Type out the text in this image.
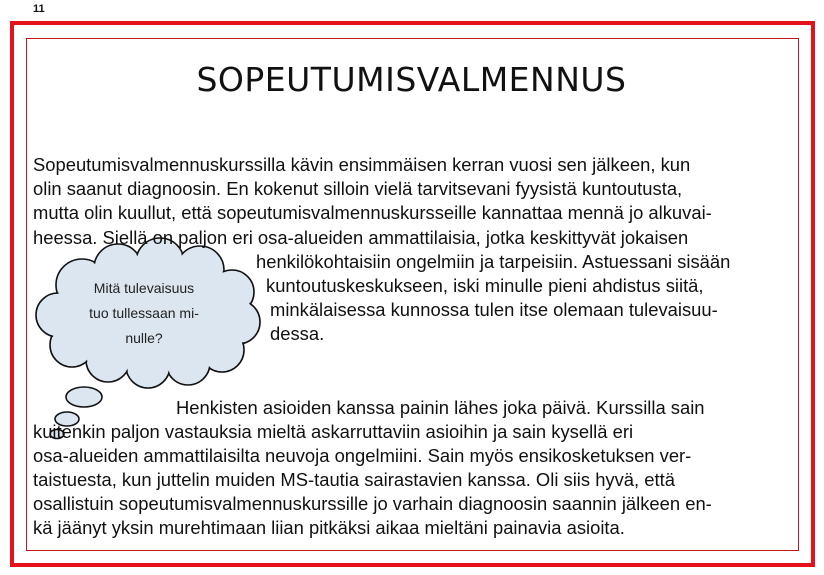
11
SOPEUTUMISVALMENNUS
Mitä tulevaisuus
tuo tullessaan mi-
nulle?
Sopeutumisvalmennuskurssilla kävin ensimmäisen kerran vuosi sen jälkeen, kun
olin saanut diagnoosin. En kokenut silloin vielä tarvitsevani fyysistä kuntoutusta,
mutta olin kuullut, että sopeutumisvalmennuskursseille kannattaa mennä jo alkuvai-
heessa. Siellä on paljon eri osa-alueiden ammattilaisia, jotka keskittyvät jokaisen
henkilökohtaisiin ongelmiin ja tarpeisiin. Astuessani sisään
kuntoutuskeskukseen, iski minulle pieni ahdistus siitä,
minkälaisessa kunnossa tulen itse olemaan tulevaisuu-
dessa.
Henkisten asioiden kanssa painin lähes joka päivä. Kurssilla sain
kuitenkin paljon vastauksia mieltä askarruttaviin asioihin ja sain kysellä eri
osa-alueiden ammattilaisilta neuvoja ongelmiini. Sain myös ensikosketuksen ver-
taistuesta, kun juttelin muiden MS-tautia sairastavien kanssa. Oli siis hyvä, että
osallistuin sopeutumisvalmennuskurssille jo varhain diagnoosin saannin jälkeen en-
kä jäänyt yksin murehtimaan liian pitkäksi aikaa mieltäni painavia asioita.
